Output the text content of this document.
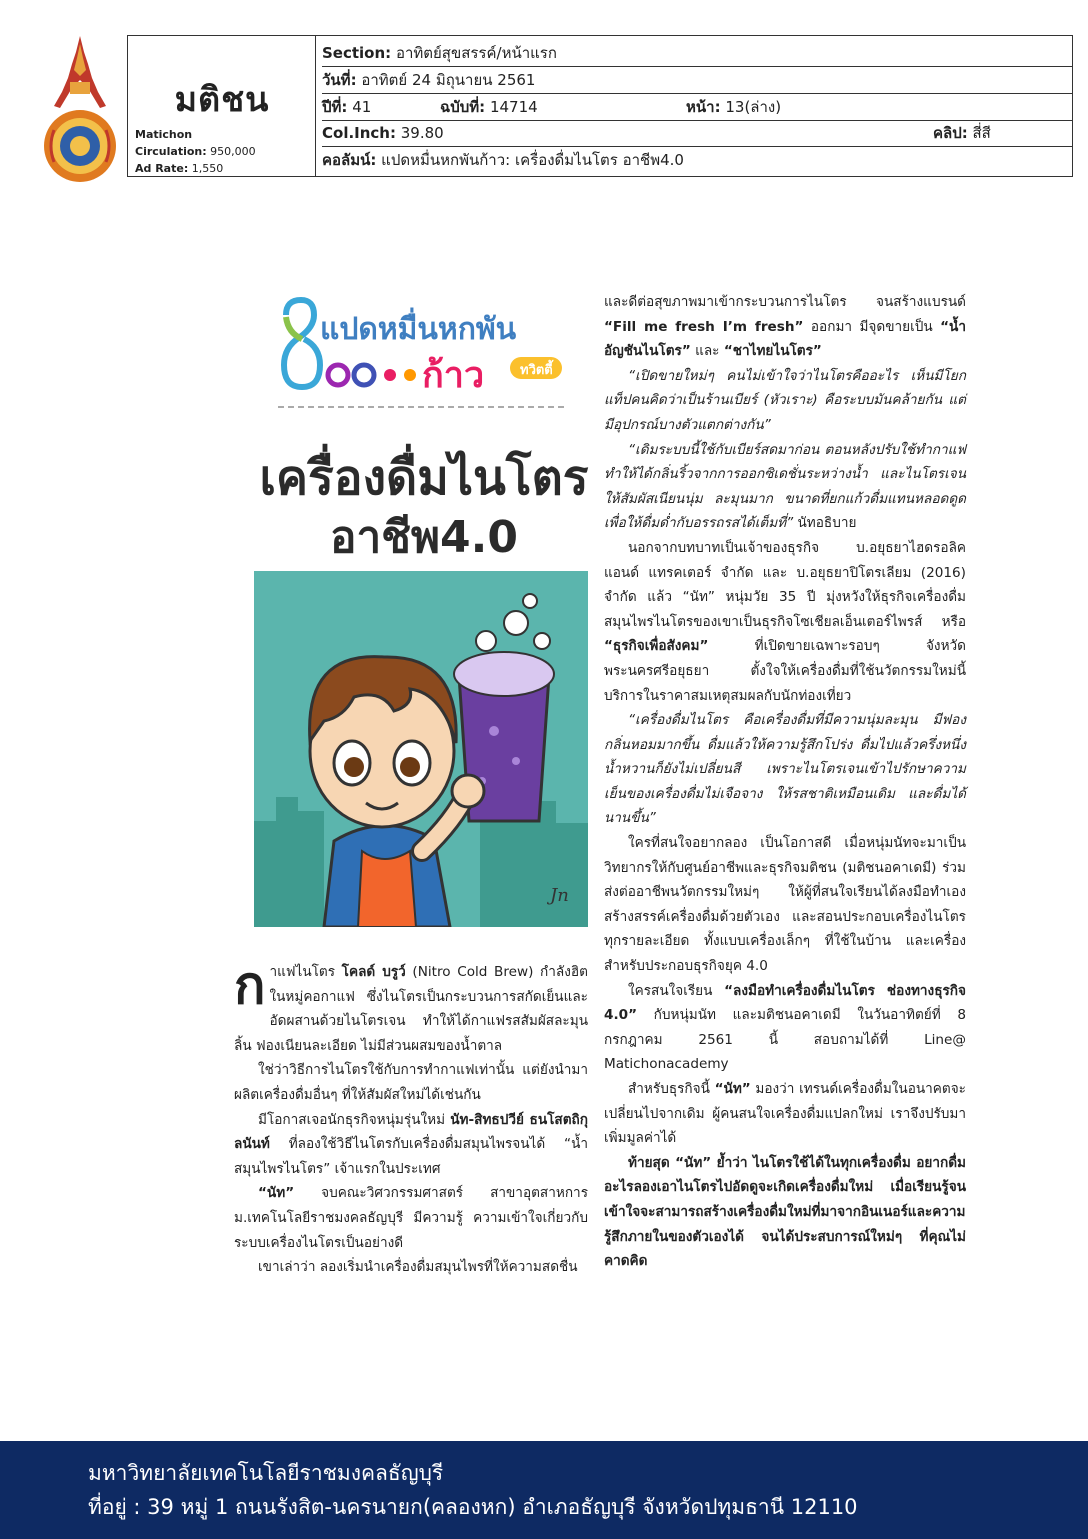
มติชน
Matichon
Circulation: 950,000
Ad Rate: 1,550
Section: อาทิตย์สุขสรรค์/หน้าแรก
วันที่: อาทิตย์ 24 มิถุนายน 2561
ปีที่: 41	ฉบับที่: 14714	หน้า: 13(ล่าง)
Col.Inch: 39.80	คลิป: สี่สี
คอลัมน์: แปดหมื่นหกพันก้าว: เครื่องดื่มไนโตร อาชีพ4.0
แปดหมื่นหกพัน
ก้าว	ทวิตตี้
เครื่องดื่มไนโตร
อาชีพ4.0
Jn

กาแฟไนโตร โคลด์ บรูว์ (Nitro Cold Brew) กำลังฮิตในหมู่คอกาแฟ ซึ่งไนโตรเป็นกระบวนการสกัดเย็นและอัดผสานด้วยไนโตรเจน ทำให้ได้กาแฟรสสัมผัสละมุนลิ้น ฟองเนียนละเอียด ไม่มีส่วนผสมของน้ำตาล

ใช่ว่าวิธีการไนโตรใช้กับการทำกาแฟเท่านั้น แต่ยังนำมาผลิตเครื่องดื่มอื่นๆ ที่ให้สัมผัสใหม่ได้เช่นกัน

มีโอกาสเจอนักธุรกิจหนุ่มรุ่นใหม่ นัท-สิทธปวีย์ ธนโสตถิกุลนันท์ ที่ลองใช้วิธีไนโตรกับเครื่องดื่มสมุนไพรจนได้ “น้ำสมุนไพรไนโตร” เจ้าแรกในประเทศ

“นัท” จบคณะวิศวกรรมศาสตร์ สาขาอุตสาหการ ม.เทคโนโลยีราชมงคลธัญบุรี มีความรู้ ความเข้าใจเกี่ยวกับระบบเครื่องไนโตรเป็นอย่างดี

เขาเล่าว่า ลองเริ่มนำเครื่องดื่มสมุนไพรที่ให้ความสดชื่น

และดีต่อสุขภาพมาเข้ากระบวนการไนโตร จนสร้างแบรนด์ “Fill me fresh I’m fresh” ออกมา มีจุดขายเป็น “น้ำอัญชันไนโตร” และ “ชาไทยไนโตร”

“เปิดขายใหม่ๆ คนไม่เข้าใจว่าไนโตรคืออะไร เห็นมีโยกแท็ปคนคิดว่าเป็นร้านเบียร์ (หัวเราะ) คือระบบมันคล้ายกัน แต่มีอุปกรณ์บางตัวแตกต่างกัน”

“เดิมระบบนี้ใช้กับเบียร์สดมาก่อน ตอนหลังปรับใช้ทำกาแฟ ทำให้ได้กลิ่นริ้วจากการออกซิเดชั่นระหว่างน้ำ และไนโตรเจน ให้สัมผัสเนียนนุ่ม ละมุนมาก ขนาดที่ยกแก้วดื่มแทนหลอดดูดเพื่อให้ดื่มด่ำกับอรรถรสได้เต็มที่” นัทอธิบาย

นอกจากบทบาทเป็นเจ้าของธุรกิจ บ.อยุธยาไฮดรอลิค แอนด์ แทรคเตอร์ จำกัด และ บ.อยุธยาปิโตรเลียม (2016) จำกัด แล้ว “นัท” หนุ่มวัย 35 ปี มุ่งหวังให้ธุรกิจเครื่องดื่มสมุนไพรไนโตรของเขาเป็นธุรกิจโซเชียลเอ็นเตอร์ไพรส์ หรือ “ธุรกิจเพื่อสังคม” ที่เปิดขายเฉพาะรอบๆ จังหวัดพระนครศรีอยุธยา ตั้งใจให้เครื่องดื่มที่ใช้นวัตกรรมใหม่นี้บริการในราคาสมเหตุสมผลกับนักท่องเที่ยว

“เครื่องดื่มไนโตร คือเครื่องดื่มที่มีความนุ่มละมุน มีฟองกลิ่นหอมมากขึ้น ดื่มแล้วให้ความรู้สึกโปร่ง ดื่มไปแล้วครึ่งหนึ่งน้ำหวานก็ยังไม่เปลี่ยนสี เพราะไนโตรเจนเข้าไปรักษาความเย็นของเครื่องดื่มไม่เจือจาง ให้รสชาติเหมือนเดิม และดื่มได้นานขึ้น”

ใครที่สนใจอยากลอง เป็นโอกาสดี เมื่อหนุ่มนัทจะมาเป็นวิทยากรให้กับศูนย์อาชีพและธุรกิจมติชน (มติชนอคาเดมี) ร่วมส่งต่ออาชีพนวัตกรรมใหม่ๆ ให้ผู้ที่สนใจเรียนได้ลงมือทำเอง สร้างสรรค์เครื่องดื่มด้วยตัวเอง และสอนประกอบเครื่องไนโตรทุกรายละเอียด ทั้งแบบเครื่องเล็กๆ ที่ใช้ในบ้าน และเครื่องสำหรับประกอบธุรกิจยุค 4.0

ใครสนใจเรียน “ลงมือทำเครื่องดื่มไนโตร ช่องทางธุรกิจ 4.0” กับหนุ่มนัท และมติชนอคาเดมี ในวันอาทิตย์ที่ 8 กรกฎาคม 2561 นี้ สอบถามได้ที่ Line@ Matichonacademy

สำหรับธุรกิจนี้ “นัท” มองว่า เทรนด์เครื่องดื่มในอนาคตจะเปลี่ยนไปจากเดิม ผู้คนสนใจเครื่องดื่มแปลกใหม่ เราจึงปรับมาเพิ่มมูลค่าได้

ท้ายสุด “นัท” ย้ำว่า ไนโตรใช้ได้ในทุกเครื่องดื่ม อยากดื่มอะไรลองเอาไนโตรไปอัดดูจะเกิดเครื่องดื่มใหม่ เมื่อเรียนรู้จนเข้าใจจะสามารถสร้างเครื่องดื่มใหม่ที่มาจากอินเนอร์และความรู้สึกภายในของตัวเองได้ จนได้ประสบการณ์ใหม่ๆ ที่คุณไม่คาดคิด

มหาวิทยาลัยเทคโนโลยีราชมงคลธัญบุรี
ที่อยู่ : 39 หมู่ 1 ถนนรังสิต-นครนายก(คลองหก) อำเภอธัญบุรี จังหวัดปทุมธานี 12110
